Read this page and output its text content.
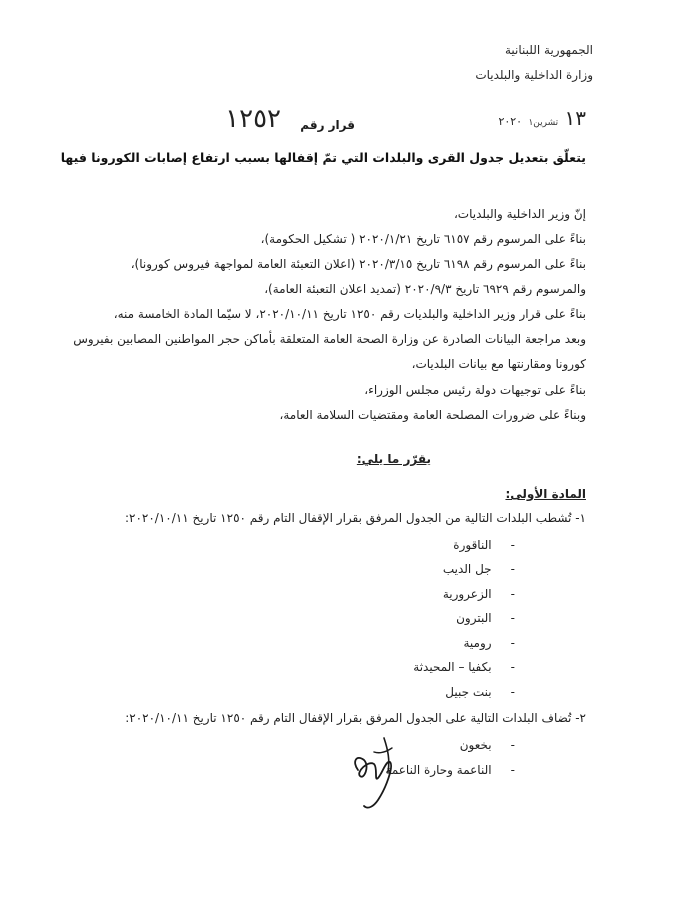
الجمهورية اللبنانية
وزارة الداخلية والبلديات
١٣ تشرين١ ٢٠٢٠
قرار رقم
١٢٥٢
يتعلّق بتعديل جدول القرى والبلدات التي تمّ إقفالها بسبب ارتفاع إصابات الكورونا فيها
إنّ وزير الداخلية والبلديات،
بناءً على المرسوم رقم ٦١٥٧ تاريخ ٢٠٢٠/١/٢١ ( تشكيل الحكومة)،
بناءً على المرسوم رقم ٦١٩٨ تاريخ ٢٠٢٠/٣/١٥ (اعلان التعبئة العامة لمواجهة فيروس كورونا)،
والمرسوم رقم ٦٩٢٩ تاريخ ٢٠٢٠/٩/٣ (تمديد اعلان التعبئة العامة)،
بناءً على قرار وزير الداخلية والبلديات رقم ١٢٥٠ تاريخ ٢٠٢٠/١٠/١١، لا سيّما المادة الخامسة منه،
وبعد مراجعة البيانات الصادرة عن وزارة الصحة العامة المتعلقة بأماكن حجر المواطنين المصابين بفيروس
كورونا ومقارنتها مع بيانات البلديات،
بناءً على توجيهات دولة رئيس مجلس الوزراء،
وبناءً على ضرورات المصلحة العامة ومقتضيات السلامة العامة،
يقرّر ما يلي:
المادة الأولى:
١- تُشطب البلدات التالية من الجدول المرفق بقرار الإقفال التام رقم ١٢٥٠ تاريخ ٢٠٢٠/١٠/١١:
-     الناقورة
-     جل الديب
-     الزعرورية
-     البترون
-     رومية
-     بكفيا – المحيدثة
-     بنت جبيل
٢- تُضاف البلدات التالية على الجدول المرفق بقرار الإقفال التام رقم ١٢٥٠ تاريخ ٢٠٢٠/١٠/١١:
-     بخعون
-     الناعمة وحارة الناعمة
